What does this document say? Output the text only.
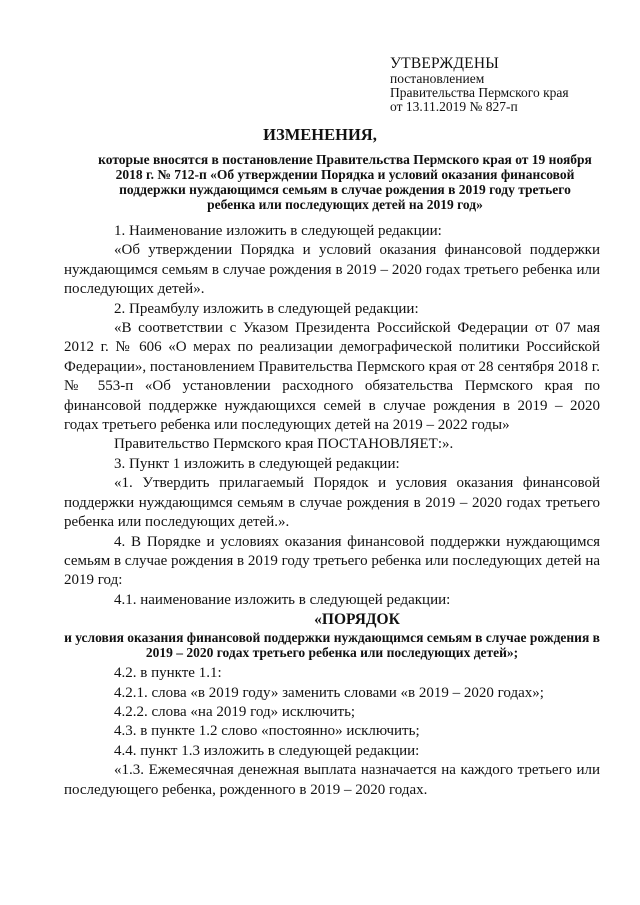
УТВЕРЖДЕНЫ
постановлением
Правительства Пермского края
от 13.11.2019 № 827-п
ИЗМЕНЕНИЯ,
которые вносятся в постановление Правительства Пермского края от 19 ноября 2018 г. № 712-п «Об утверждении Порядка и условий оказания финансовой поддержки нуждающимся семьям в случае рождения в 2019 году третьего ребенка или последующих детей на 2019 год»

1. Наименование изложить в следующей редакции:

«Об утверждении Порядка и условий оказания финансовой поддержки нуждающимся семьям в случае рождения в 2019 – 2020 годах третьего ребенка или последующих детей».

2. Преамбулу изложить в следующей редакции:

«В соответствии с Указом Президента Российской Федерации от 07 мая 2012 г. № 606 «О мерах по реализации демографической политики Российской Федерации», постановлением Правительства Пермского края от 28 сентября 2018 г. № 553-п «Об установлении расходного обязательства Пермского края по финансовой поддержке нуждающихся семей в случае рождения в 2019 – 2020 годах третьего ребенка или последующих детей на 2019 – 2022 годы»

Правительство Пермского края ПОСТАНОВЛЯЕТ:».

3. Пункт 1 изложить в следующей редакции:

«1. Утвердить прилагаемый Порядок и условия оказания финансовой поддержки нуждающимся семьям в случае рождения в 2019 – 2020 годах третьего ребенка или последующих детей.».

4. В Порядке и условиях оказания финансовой поддержки нуждающимся семьям в случае рождения в 2019 году третьего ребенка или последующих детей на 2019 год:

4.1. наименование изложить в следующей редакции:

«ПОРЯДОК
и условия оказания финансовой поддержки нуждающимся семьям в случае рождения в 2019 – 2020 годах третьего ребенка или последующих детей»;

4.2. в пункте 1.1:

4.2.1. слова «в 2019 году» заменить словами «в 2019 – 2020 годах»;

4.2.2. слова «на 2019 год» исключить;

4.3. в пункте 1.2 слово «постоянно» исключить;

4.4. пункт 1.3 изложить в следующей редакции:

«1.3. Ежемесячная денежная выплата назначается на каждого третьего или последующего ребенка, рожденного в 2019 – 2020 годах.
